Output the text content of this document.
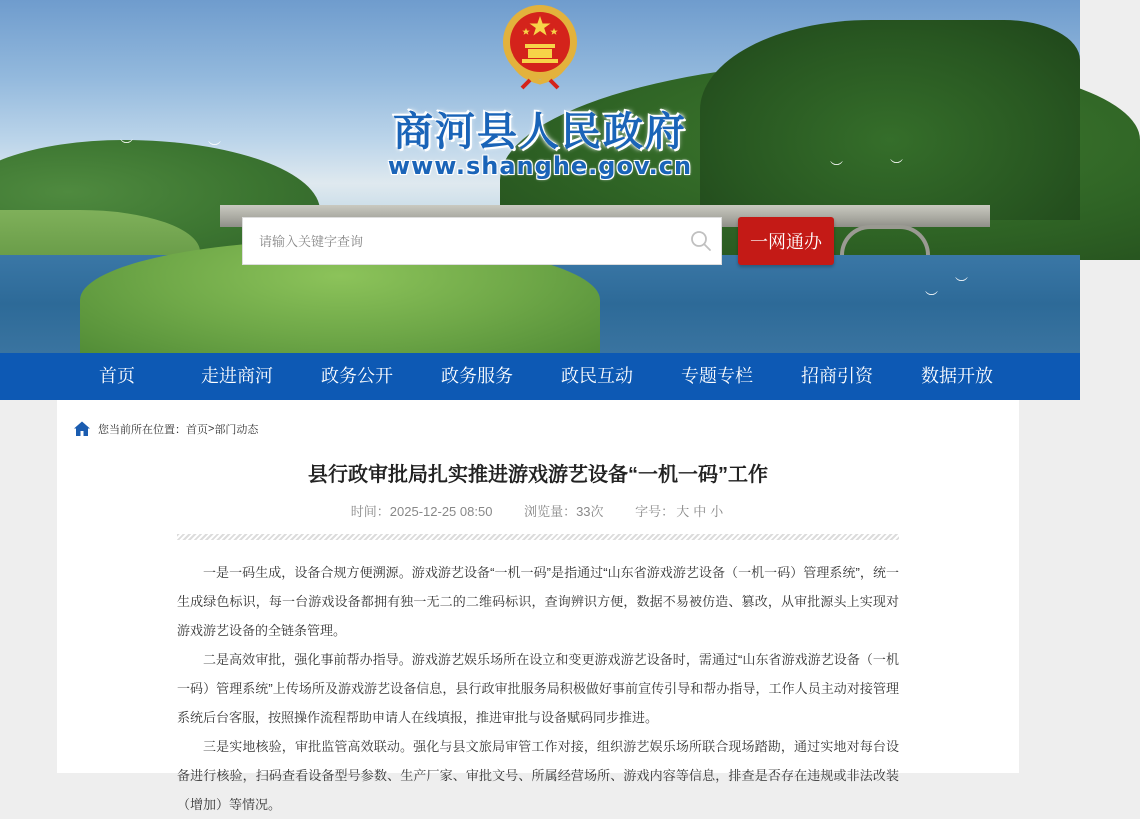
︶	︶
︶
︶
︶
︶
商河县人民政府
www.shanghe.gov.cn
请输入关键字查询
一网通办
首页	走进商河	政务公开	政务服务	政民互动	专题专栏	招商引资	数据开放
您当前所在位置： 首页 > 部门动态
县行政审批局扎实推进游戏游艺设备“一机一码”工作
时间：2025-12-25 08:50 浏览量：33次 字号： 大 中 小

一是一码生成，设备合规方便溯源。游戏游艺设备“一机一码”是指通过“山东省游戏游艺设备（一机一码）管理系统”，统一生成绿色标识，每一台游戏设备都拥有独一无二的二维码标识，查询辨识方便，数据不易被仿造、篡改，从审批源头上实现对游戏游艺设备的全链条管理。

二是高效审批，强化事前帮办指导。游戏游艺娱乐场所在设立和变更游戏游艺设备时，需通过“山东省游戏游艺设备（一机一码）管理系统”上传场所及游戏游艺设备信息，县行政审批服务局积极做好事前宣传引导和帮办指导，工作人员主动对接管理系统后台客服，按照操作流程帮助申请人在线填报，推进审批与设备赋码同步推进。

三是实地核验，审批监管高效联动。强化与县文旅局审管工作对接，组织游艺娱乐场所联合现场踏勘，通过实地对每台设备进行核验，扫码查看设备型号参数、生产厂家、审批文号、所属经营场所、游戏内容等信息，排查是否存在违规或非法改装（增加）等情况。
